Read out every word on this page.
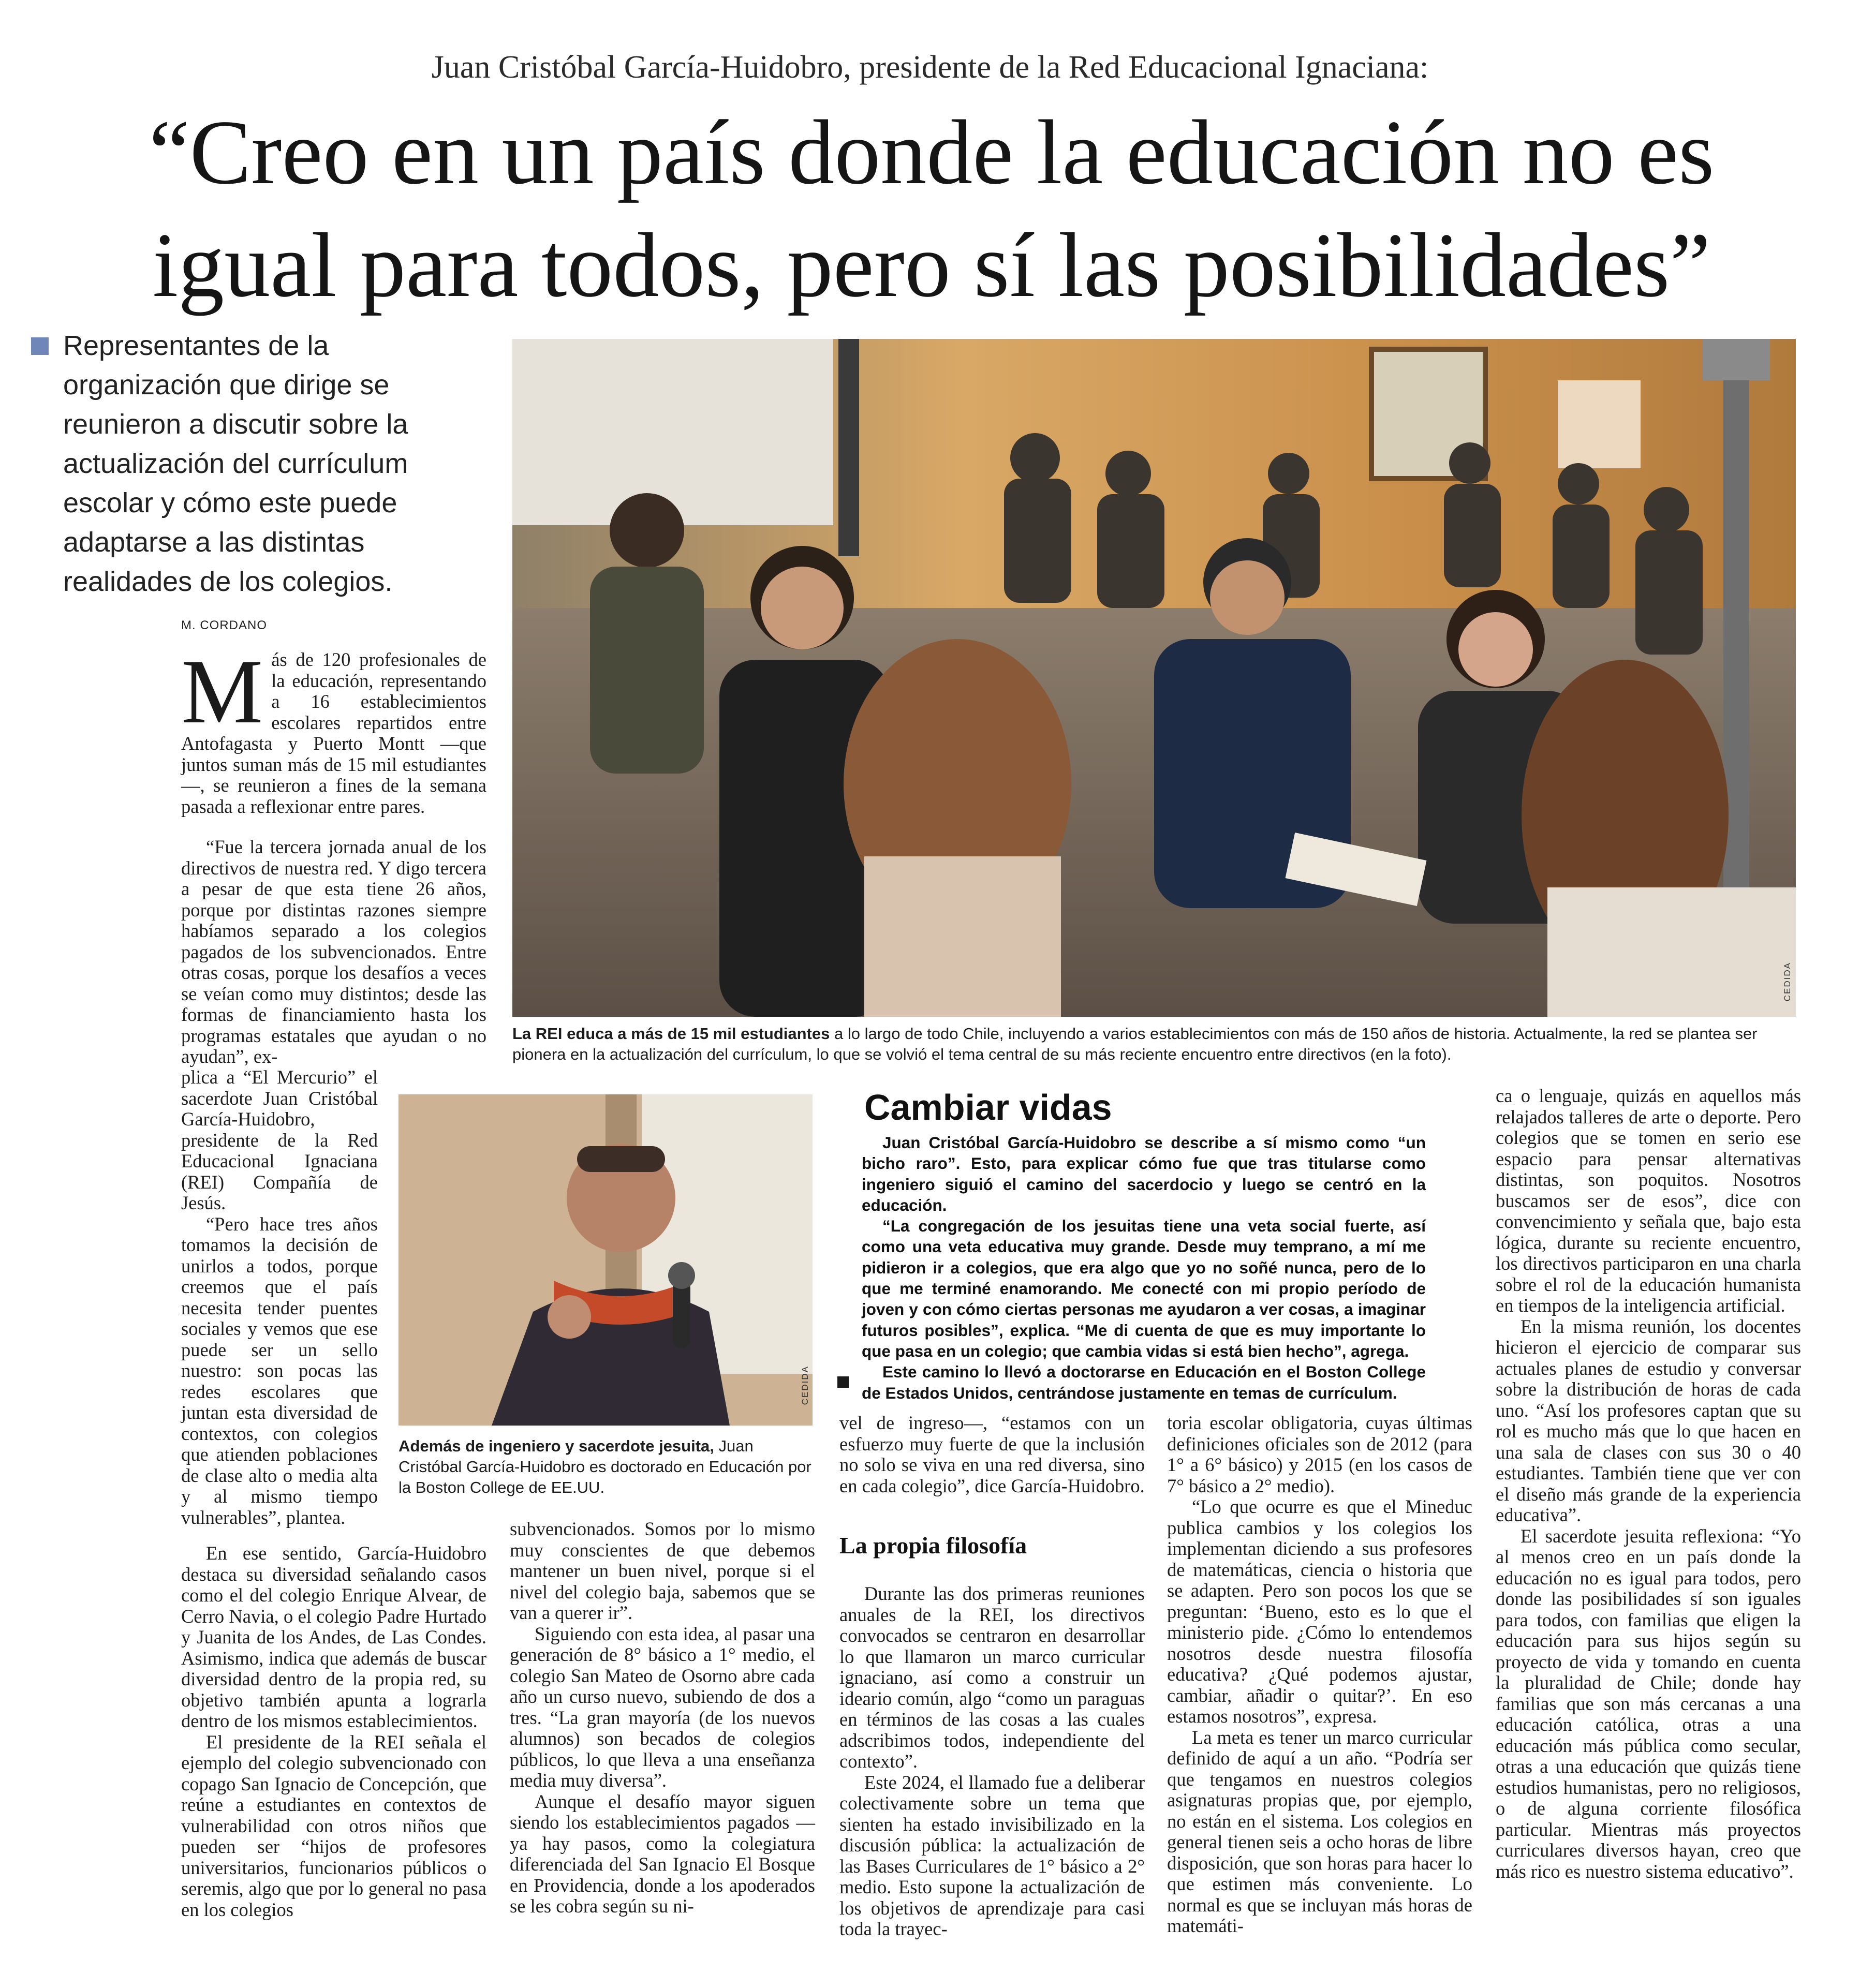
Juan Cristóbal García-Huidobro, presidente de la Red Educacional Ignaciana:
“Creo en un país donde la educación no es
igual para todos, pero sí las posibilidades”
Representantes de la organización que dirige se reunieron a discutir sobre la actualización del currículum escolar y cómo este puede adaptarse a las distintas realidades de los colegios.
M. CORDANO
CEDIDA
La REI educa a más de 15 mil estudiantes a lo largo de todo Chile, incluyendo a varios establecimientos con más de 150 años de historia. Actualmente, la red se plantea ser pionera en la actualización del currículum, lo que se volvió el tema central de su más reciente encuentro entre directivos (en la foto).
CEDIDA
Además de ingeniero y sacerdote jesuita, Juan Cristóbal García-Huidobro es doctorado en Educación por la Boston College de EE.UU.
M ás de 120 profesionales de la educación, representando a 16 establecimientos escolares repartidos entre Antofagasta y Puerto Montt —que juntos suman más de 15 mil estudiantes—, se reunieron a fines de la semana pasada a reflexionar entre pares.

“Fue la tercera jornada anual de los directivos de nuestra red. Y digo tercera a pesar de que esta tiene 26 años, porque por distintas razones siempre habíamos separado a los colegios pagados de los subvencionados. Entre otras cosas, porque los desafíos a veces se veían como muy distintos; desde las formas de financiamiento hasta los programas estatales que ayudan o no ayudan”, ex-

plica a “El Mercurio” el sacerdote Juan Cristóbal García-Huidobro, presidente de la Red Educacional Ignaciana (REI) Compañía de Jesús.

“Pero hace tres años tomamos la decisión de unirlos a todos, porque creemos que el país necesita tender puentes sociales y vemos que ese puede ser un sello nuestro: son pocas las redes escolares que juntan esta diversidad de contextos, con colegios que atienden poblaciones de clase alto o media alta y al mismo tiempo vulnerables”, plantea.

En ese sentido, García-Huidobro destaca su diversidad señalando casos como el del colegio Enrique Alvear, de Cerro Navia, o el colegio Padre Hurtado y Juanita de los Andes, de Las Condes. Asimismo, indica que además de buscar diversidad dentro de la propia red, su objetivo también apunta a lograrla dentro de los mismos establecimientos.

El presidente de la REI señala el ejemplo del colegio subvencionado con copago San Ignacio de Concepción, que reúne a estudiantes en contextos de vulnerabilidad con otros niños que pueden ser “hijos de profesores universitarios, funcionarios públicos o seremis, algo que por lo general no pasa en los colegios

subvencionados. Somos por lo mismo muy conscientes de que debemos mantener un buen nivel, porque si el nivel del colegio baja, sabemos que se van a querer ir”.

Siguiendo con esta idea, al pasar una generación de 8° básico a 1° medio, el colegio San Mateo de Osorno abre cada año un curso nuevo, subiendo de dos a tres. “La gran mayoría (de los nuevos alumnos) son becados de colegios públicos, lo que lleva a una enseñanza media muy diversa”.

Aunque el desafío mayor siguen siendo los establecimientos pagados —ya hay pasos, como la colegiatura diferenciada del San Ignacio El Bosque en Providencia, donde a los apoderados se les cobra según su ni-

Cambiar vidas

Juan Cristóbal García-Huidobro se describe a sí mismo como “un bicho raro”. Esto, para explicar cómo fue que tras titularse como ingeniero siguió el camino del sacerdocio y luego se centró en la educación.

“La congregación de los jesuitas tiene una veta social fuerte, así como una veta educativa muy grande. Desde muy temprano, a mí me pidieron ir a colegios, que era algo que yo no soñé nunca, pero de lo que me terminé enamorando. Me conecté con mi propio período de joven y con cómo ciertas personas me ayudaron a ver cosas, a imaginar futuros posibles”, explica. “Me di cuenta de que es muy importante lo que pasa en un colegio; que cambia vidas si está bien hecho”, agrega.

Este camino lo llevó a doctorarse en Educación en el Boston College de Estados Unidos, centrándose justamente en temas de currículum.

vel de ingreso—, “estamos con un esfuerzo muy fuerte de que la inclusión no solo se viva en una red diversa, sino en cada colegio”, dice García-Huidobro.

La propia filosofía

Durante las dos primeras reuniones anuales de la REI, los directivos convocados se centraron en desarrollar lo que llamaron un marco curricular ignaciano, así como a construir un ideario común, algo “como un paraguas en términos de las cosas a las cuales adscribimos todos, independiente del contexto”.

Este 2024, el llamado fue a deliberar colectivamente sobre un tema que sienten ha estado invisibilizado en la discusión pública: la actualización de las Bases Curriculares de 1° básico a 2° medio. Esto supone la actualización de los objetivos de aprendizaje para casi toda la trayec-

toria escolar obligatoria, cuyas últimas definiciones oficiales son de 2012 (para 1° a 6° básico) y 2015 (en los casos de 7° básico a 2° medio).

“Lo que ocurre es que el Mineduc publica cambios y los colegios los implementan diciendo a sus profesores de matemáticas, ciencia o historia que se adapten. Pero son pocos los que se preguntan: ‘Bueno, esto es lo que el ministerio pide. ¿Cómo lo entendemos nosotros desde nuestra filosofía educativa? ¿Qué podemos ajustar, cambiar, añadir o quitar?’. En eso estamos nosotros”, expresa.

La meta es tener un marco curricular definido de aquí a un año. “Podría ser que tengamos en nuestros colegios asignaturas propias que, por ejemplo, no están en el sistema. Los colegios en general tienen seis a ocho horas de libre disposición, que son horas para hacer lo que estimen más conveniente. Lo normal es que se incluyan más horas de matemáti-

ca o lenguaje, quizás en aquellos más relajados talleres de arte o deporte. Pero colegios que se tomen en serio ese espacio para pensar alternativas distintas, son poquitos. Nosotros buscamos ser de esos”, dice con convencimiento y señala que, bajo esta lógica, durante su reciente encuentro, los directivos participaron en una charla sobre el rol de la educación humanista en tiempos de la inteligencia artificial.

En la misma reunión, los docentes hicieron el ejercicio de comparar sus actuales planes de estudio y conversar sobre la distribución de horas de cada uno. “Así los profesores captan que su rol es mucho más que lo que hacen en una sala de clases con sus 30 o 40 estudiantes. También tiene que ver con el diseño más grande de la experiencia educativa”.

El sacerdote jesuita reflexiona: “Yo al menos creo en un país donde la educación no es igual para todos, pero donde las posibilidades sí son iguales para todos, con familias que eligen la educación para sus hijos según su proyecto de vida y tomando en cuenta la pluralidad de Chile; donde hay familias que son más cercanas a una educación católica, otras a una educación más pública como secular, otras a una educación que quizás tiene estudios humanistas, pero no religiosos, o de alguna corriente filosófica particular. Mientras más proyectos curriculares diversos hayan, creo que más rico es nuestro sistema educativo”.
